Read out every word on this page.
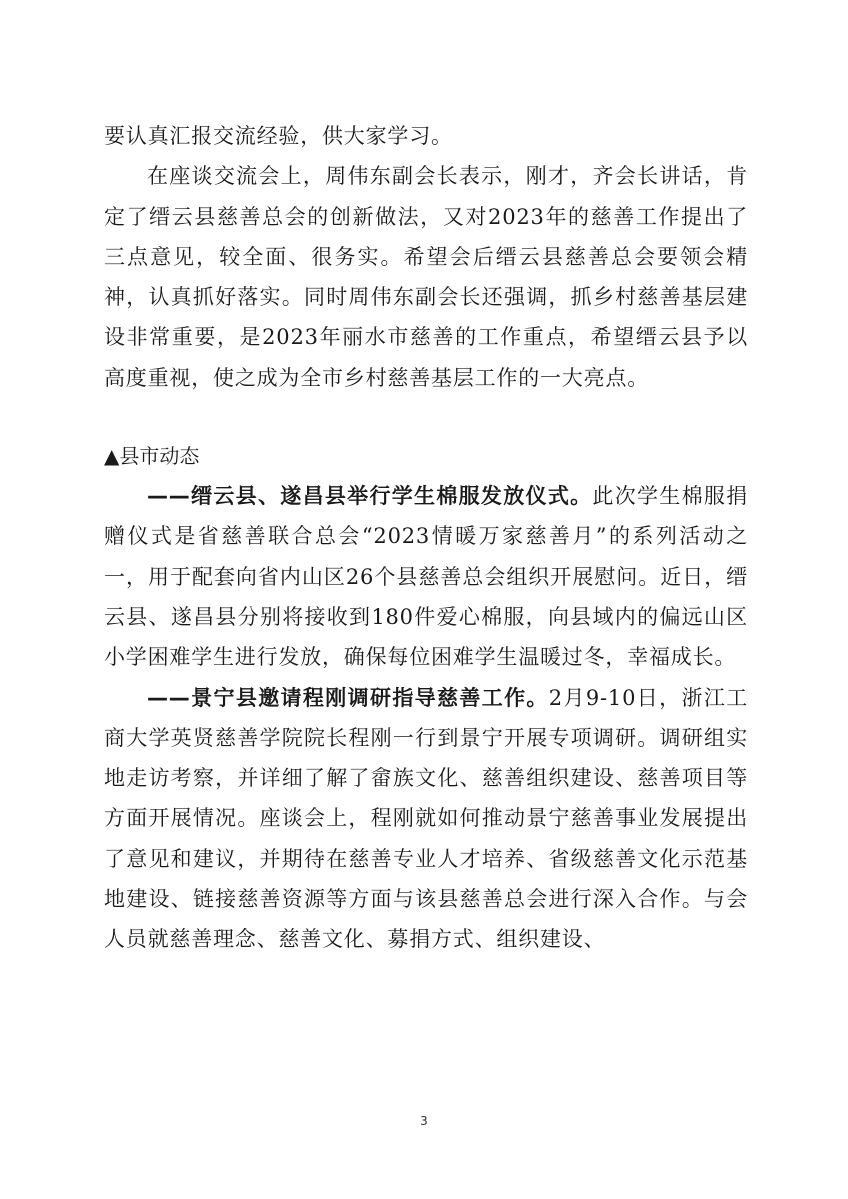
要认真汇报交流经验，供大家学习。

在座谈交流会上，周伟东副会长表示，刚才，齐会长讲话，肯定了缙云县慈善总会的创新做法，又对2023年的慈善工作提出了三点意见，较全面、很务实。希望会后缙云县慈善总会要领会精神，认真抓好落实。同时周伟东副会长还强调，抓乡村慈善基层建设非常重要，是2023年丽水市慈善的工作重点，希望缙云县予以高度重视，使之成为全市乡村慈善基层工作的一大亮点。

▲县市动态

——缙云县、遂昌县举行学生棉服发放仪式。此次学生棉服捐赠仪式是省慈善联合总会“2023情暖万家慈善月”的系列活动之一，用于配套向省内山区26个县慈善总会组织开展慰问。近日，缙云县、遂昌县分别将接收到180件爱心棉服，向县域内的偏远山区小学困难学生进行发放，确保每位困难学生温暖过冬，幸福成长。

——景宁县邀请程刚调研指导慈善工作。2月9-10日，浙江工商大学英贤慈善学院院长程刚一行到景宁开展专项调研。调研组实地走访考察，并详细了解了畲族文化、慈善组织建设、慈善项目等方面开展情况。座谈会上，程刚就如何推动景宁慈善事业发展提出了意见和建议，并期待在慈善专业人才培养、省级慈善文化示范基地建设、链接慈善资源等方面与该县慈善总会进行深入合作。与会人员就慈善理念、慈善文化、募捐方式、组织建设、

3
